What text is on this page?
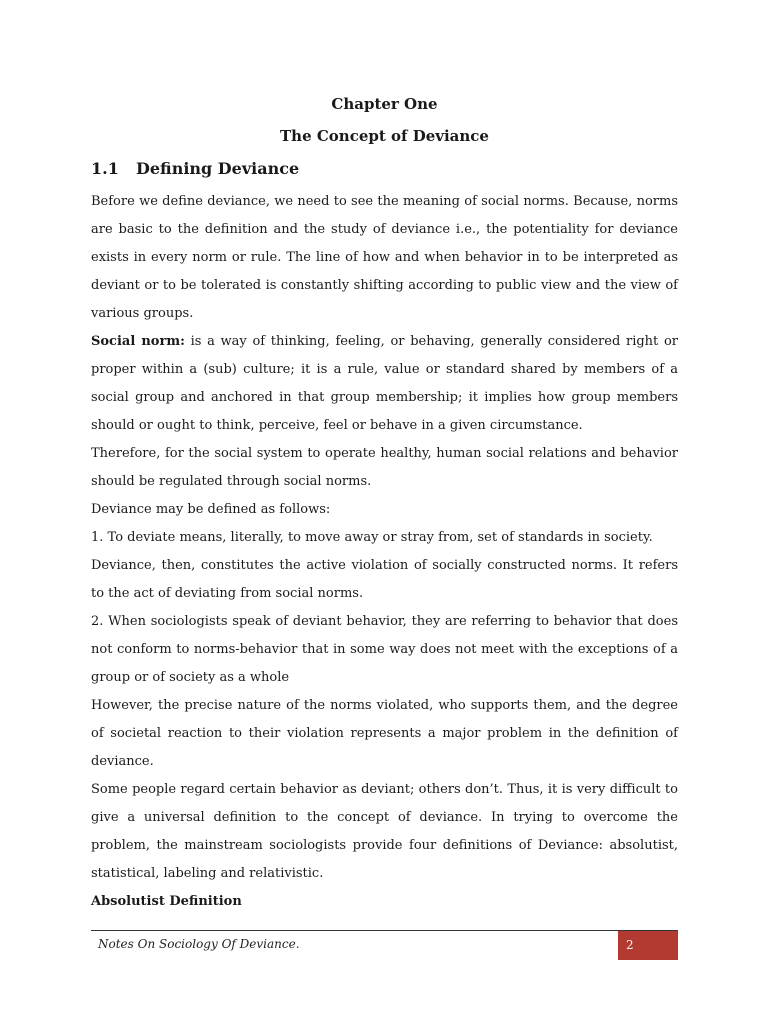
Chapter One
The Concept of Deviance
1.1 Defining Deviance

Before we define deviance, we need to see the meaning of social norms. Because, norms are basic to the definition and the study of deviance i.e., the potentiality for deviance exists in every norm or rule. The line of how and when behavior in to be interpreted as deviant or to be tolerated is constantly shifting according to public view and the view of various groups.

Social norm: is a way of thinking, feeling, or behaving, generally considered right or proper within a (sub) culture; it is a rule, value or standard shared by members of a social group and anchored in that group membership; it implies how group members should or ought to think, perceive, feel or behave in a given circumstance.

Therefore, for the social system to operate healthy, human social relations and behavior should be regulated through social norms.

Deviance may be defined as follows:

1. To deviate means, literally, to move away or stray from, set of standards in society.

Deviance, then, constitutes the active violation of socially constructed norms. It refers to the act of deviating from social norms.

2. When sociologists speak of deviant behavior, they are referring to behavior that does not conform to norms-behavior that in some way does not meet with the exceptions of a group or of society as a whole

However, the precise nature of the norms violated, who supports them, and the degree of societal reaction to their violation represents a major problem in the definition of deviance.

Some people regard certain behavior as deviant; others don’t. Thus, it is very difficult to give a universal definition to the concept of deviance. In trying to overcome the problem, the mainstream sociologists provide four definitions of Deviance: absolutist, statistical, labeling and relativistic.

Absolutist Definition

Notes On Sociology Of Deviance.	2
